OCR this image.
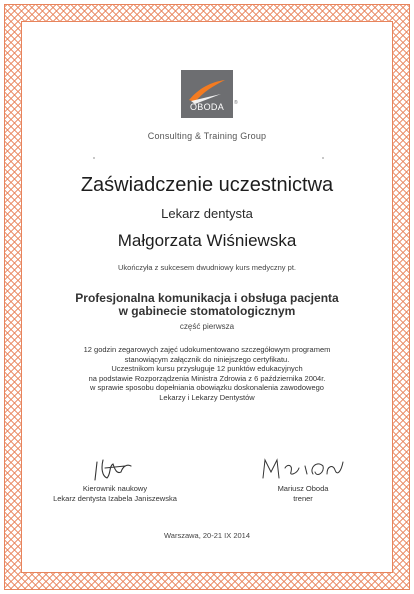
OBODA	®
Consulting & Training Group
Zaświadczenie uczestnictwa
Lekarz dentysta
Małgorzata Wiśniewska
Ukończyła z sukcesem dwudniowy kurs medyczny pt.
Profesjonalna komunikacja i obsługa pacjenta
w gabinecie stomatologicznym
część pierwsza
12 godzin zegarowych zajęć udokumentowano szczegółowym programem
stanowiącym załącznik do niniejszego certyfikatu.
Uczestnikom kursu przysługuje 12 punktów edukacyjnych
na podstawie Rozporządzenia Ministra Zdrowia z 6 października 2004r.
w sprawie sposobu dopełniania obowiązku doskonalenia zawodowego
Lekarzy i Lekarzy Dentystów
Kierownik naukowy
Lekarz dentysta Izabela Janiszewska
Mariusz Oboda
trener
Warszawa, 20-21 IX 2014
